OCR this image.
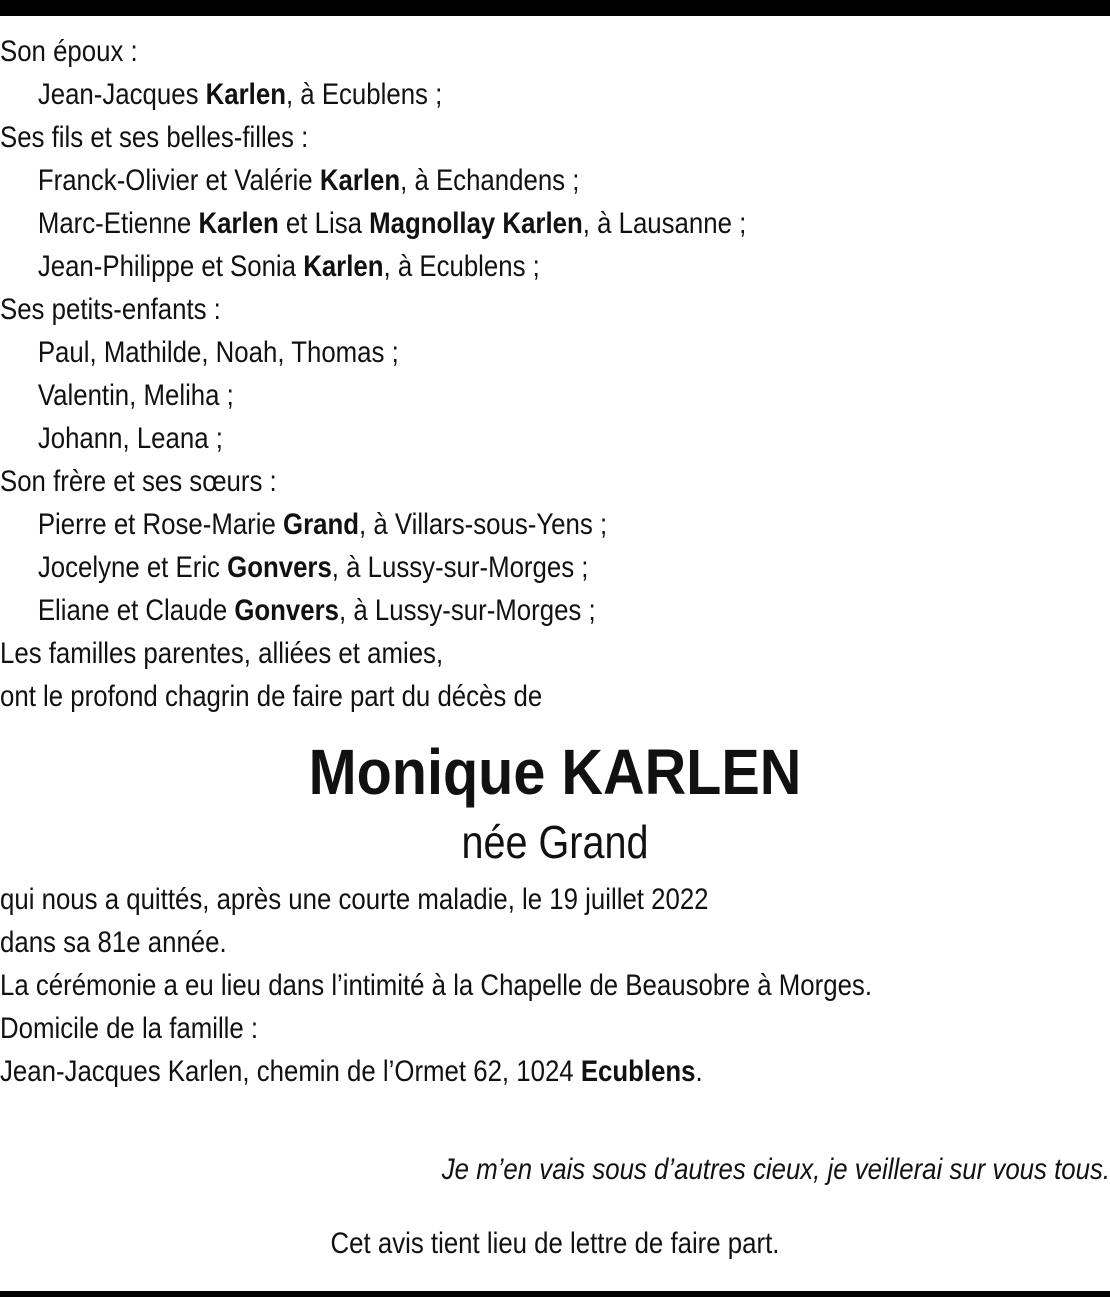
Son époux :
Jean-Jacques Karlen, à Ecublens ;
Ses fils et ses belles-filles :
Franck-Olivier et Valérie Karlen, à Echandens ;
Marc-Etienne Karlen et Lisa Magnollay Karlen, à Lausanne ;
Jean-Philippe et Sonia Karlen, à Ecublens ;
Ses petits-enfants :
Paul, Mathilde, Noah, Thomas ;
Valentin, Meliha ;
Johann, Leana ;
Son frère et ses sœurs :
Pierre et Rose-Marie Grand, à Villars-sous-Yens ;
Jocelyne et Eric Gonvers, à Lussy-sur-Morges ;
Eliane et Claude Gonvers, à Lussy-sur-Morges ;
Les familles parentes, alliées et amies,
ont le profond chagrin de faire part du décès de
Monique KARLEN
née Grand
qui nous a quittés, après une courte maladie, le 19 juillet 2022
dans sa 81e année.
La cérémonie a eu lieu dans l’intimité à la Chapelle de Beausobre à Morges.
Domicile de la famille :
Jean-Jacques Karlen, chemin de l’Ormet 62, 1024 Ecublens.
Je m’en vais sous d’autres cieux, je veillerai sur vous tous.
Cet avis tient lieu de lettre de faire part.
